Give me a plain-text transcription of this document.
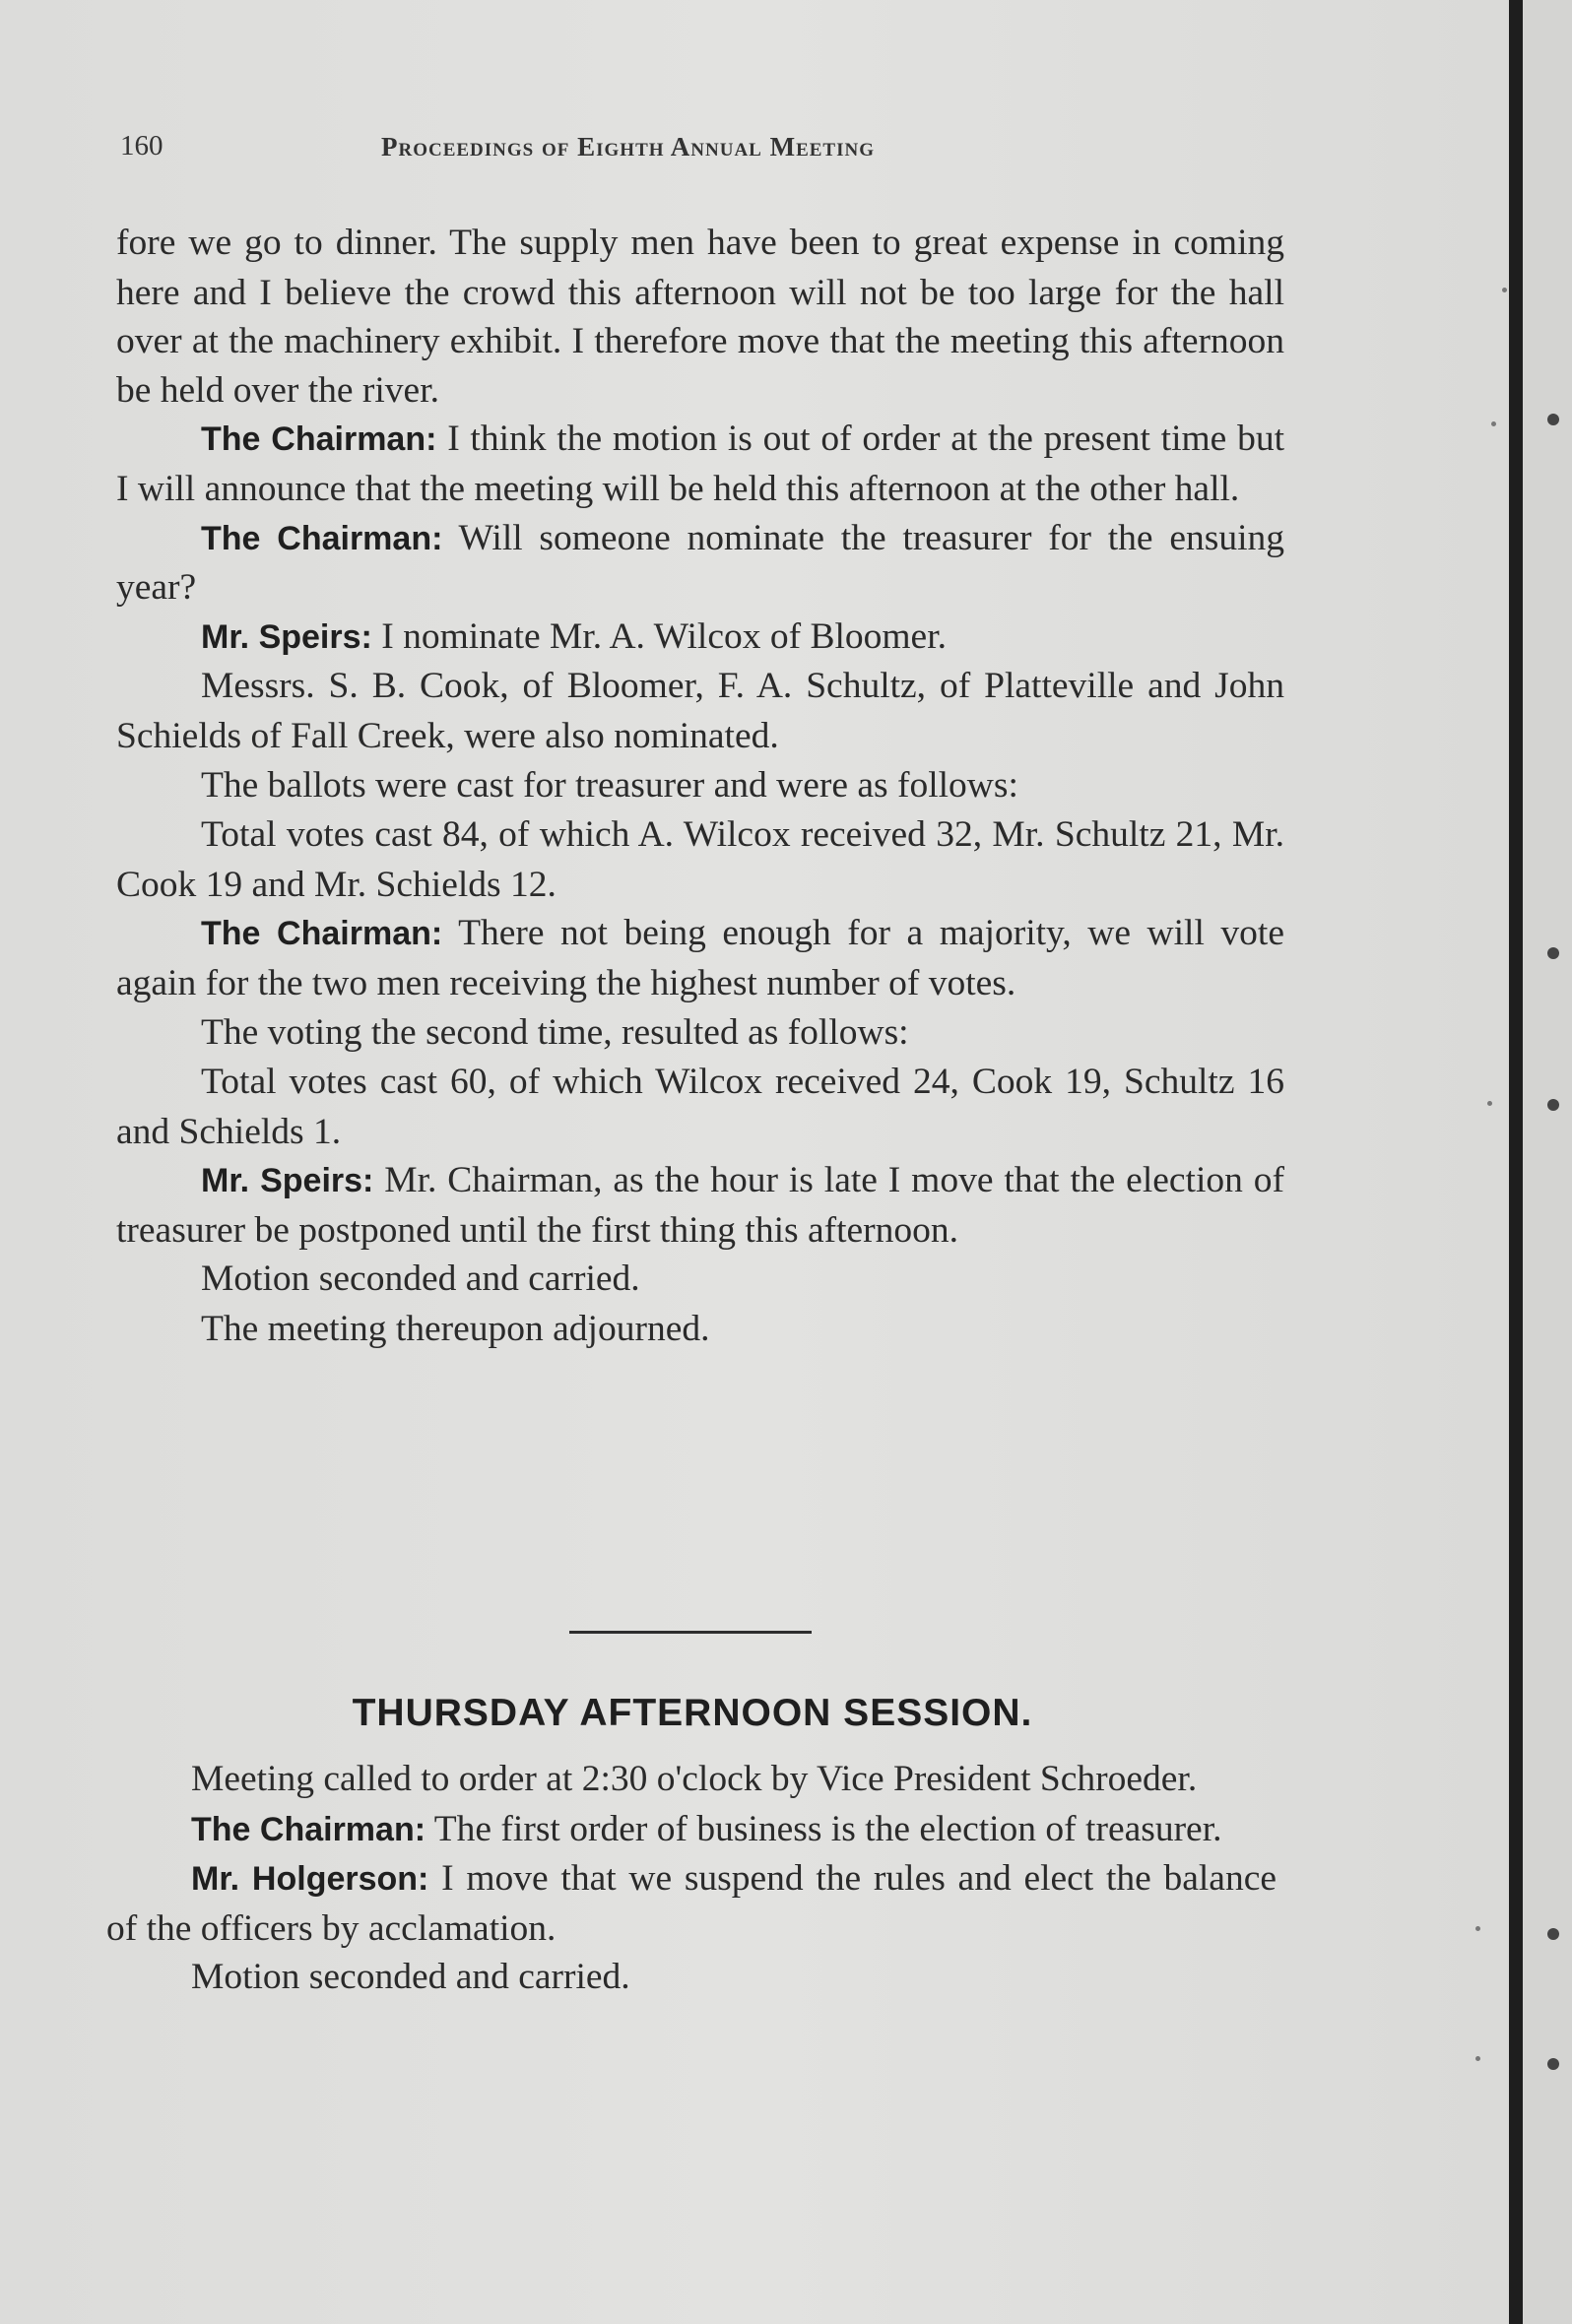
160	Proceedings of Eighth Annual Meeting

fore we go to dinner. The supply men have been to great expense in coming here and I believe the crowd this afternoon will not be too large for the hall over at the machinery exhibit. I therefore move that the meeting this afternoon be held over the river.

The Chairman: I think the motion is out of order at the present time but I will announce that the meeting will be held this afternoon at the other hall.

The Chairman: Will someone nominate the treasurer for the ensuing year?

Mr. Speirs: I nominate Mr. A. Wilcox of Bloomer.

Messrs. S. B. Cook, of Bloomer, F. A. Schultz, of Platteville and John Schields of Fall Creek, were also nominated.

The ballots were cast for treasurer and were as follows:

Total votes cast 84, of which A. Wilcox received 32, Mr. Schultz 21, Mr. Cook 19 and Mr. Schields 12.

The Chairman: There not being enough for a majority, we will vote again for the two men receiving the highest number of votes.

The voting the second time, resulted as follows:

Total votes cast 60, of which Wilcox received 24, Cook 19, Schultz 16 and Schields 1.

Mr. Speirs: Mr. Chairman, as the hour is late I move that the election of treasurer be postponed until the first thing this afternoon.

Motion seconded and carried.

The meeting thereupon adjourned.

THURSDAY AFTERNOON SESSION.

Meeting called to order at 2:30 o'clock by Vice President Schroeder.

The Chairman: The first order of business is the election of treasurer.

Mr. Holgerson: I move that we suspend the rules and elect the balance of the officers by acclamation.

Motion seconded and carried.
